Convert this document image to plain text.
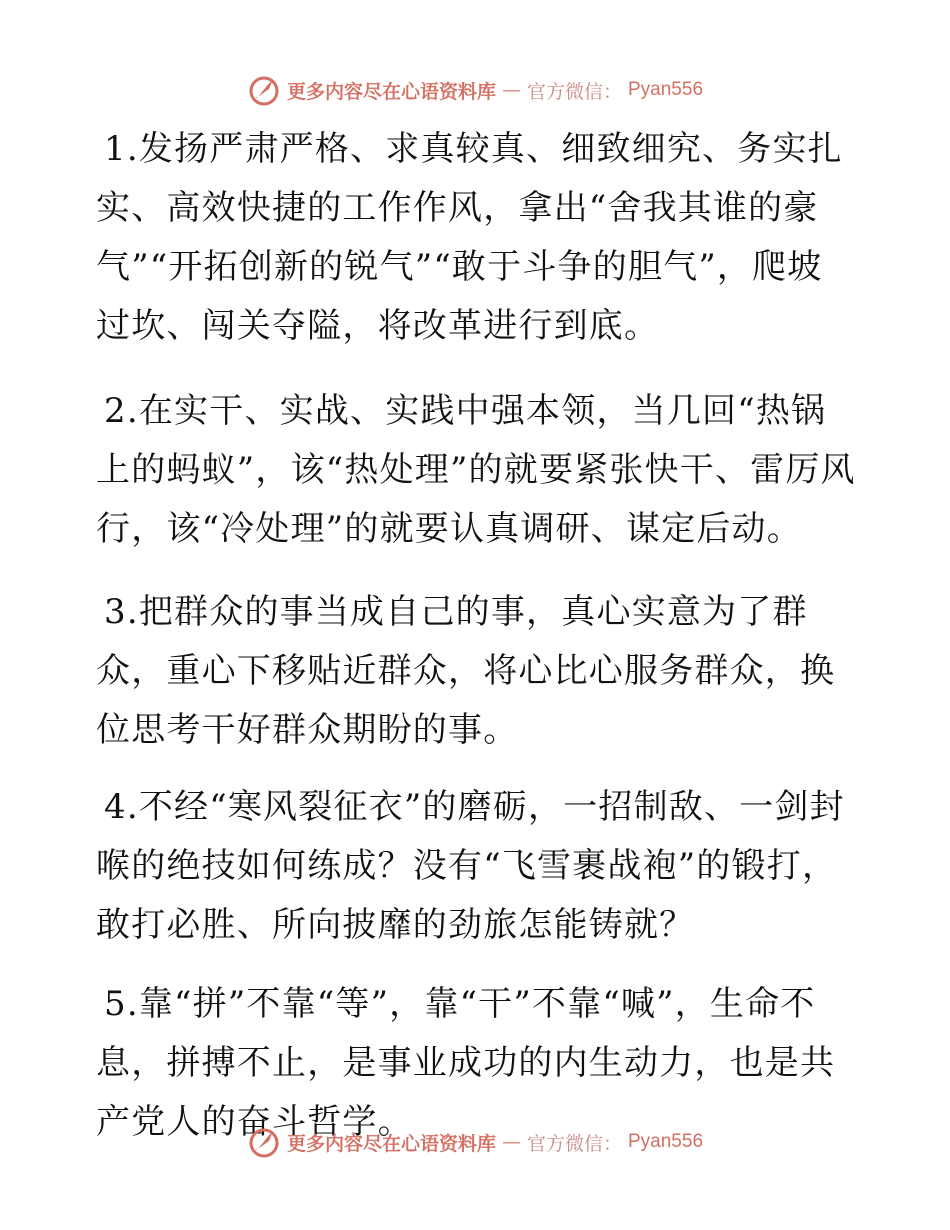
更多内容尽在心语资料库 — 官方微信： Pyan556

1.发扬严肃严格、求真较真、细致细究、务实扎实、高效快捷的工作作风，拿出“舍我其谁的豪气”“开拓创新的锐气”“敢于斗争的胆气”，爬坡过坎、闯关夺隘，将改革进行到底。

2.在实干、实战、实践中强本领，当几回“热锅上的蚂蚁”，该“热处理”的就要紧张快干、雷厉风行，该“冷处理”的就要认真调研、谋定后动。

3.把群众的事当成自己的事，真心实意为了群众，重心下移贴近群众，将心比心服务群众，换位思考干好群众期盼的事。

4.不经“寒风裂征衣”的磨砺，一招制敌、一剑封喉的绝技如何练成？没有“飞雪裹战袍”的锻打，敢打必胜、所向披靡的劲旅怎能铸就？

5.靠“拼”不靠“等”，靠“干”不靠“喊”，生命不息，拼搏不止，是事业成功的内生动力，也是共产党人的奋斗哲学。

更多内容尽在心语资料库 — 官方微信： Pyan556
